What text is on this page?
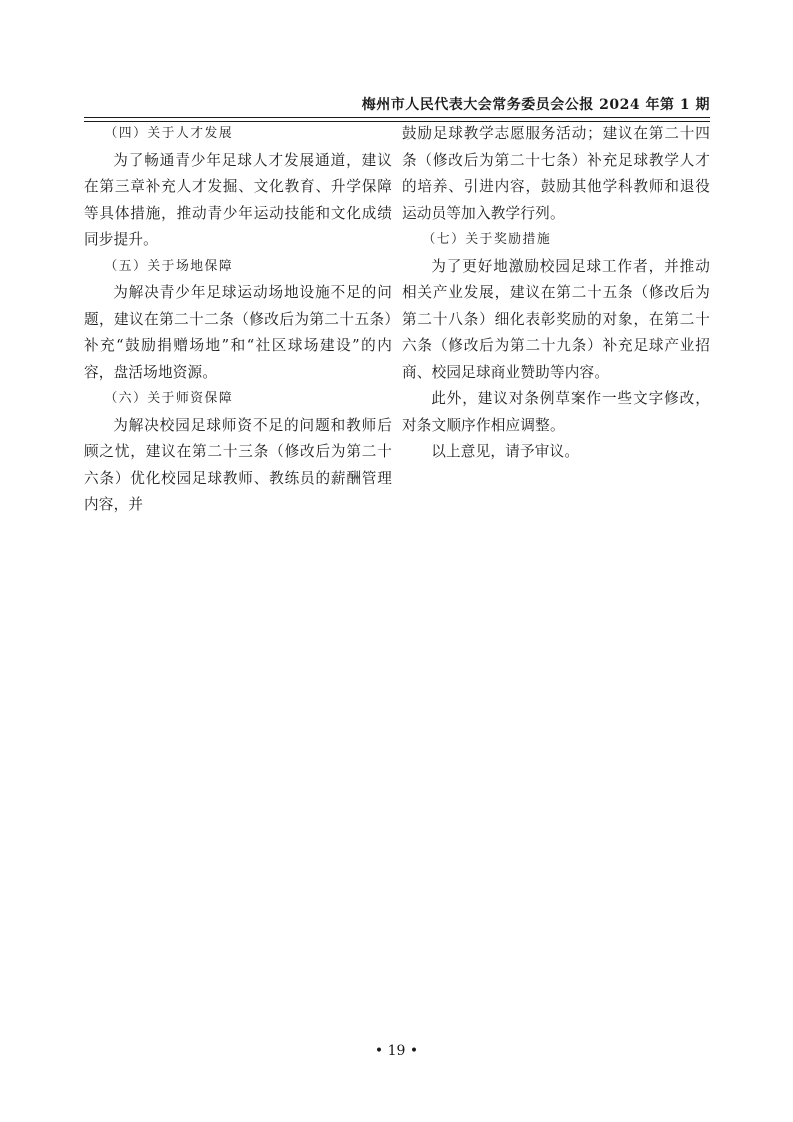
梅州市人民代表大会常务委员会公报 2024 年第 1 期
（四）关于人才发展

为了畅通青少年足球人才发展通道，建议在第三章补充人才发掘、文化教育、升学保障等具体措施，推动青少年运动技能和文化成绩同步提升。

（五）关于场地保障

为解决青少年足球运动场地设施不足的问题，建议在第二十二条（修改后为第二十五条）补充“鼓励捐赠场地”和“社区球场建设”的内容，盘活场地资源。

（六）关于师资保障

为解决校园足球师资不足的问题和教师后顾之忧，建议在第二十三条（修改后为第二十六条）优化校园足球教师、教练员的薪酬管理内容，并

鼓励足球教学志愿服务活动；建议在第二十四条（修改后为第二十七条）补充足球教学人才的培养、引进内容，鼓励其他学科教师和退役运动员等加入教学行列。

（七）关于奖励措施

为了更好地激励校园足球工作者，并推动相关产业发展，建议在第二十五条（修改后为第二十八条）细化表彰奖励的对象，在第二十六条（修改后为第二十九条）补充足球产业招商、校园足球商业赞助等内容。

此外，建议对条例草案作一些文字修改，对条文顺序作相应调整。

以上意见，请予审议。

• 19 •
